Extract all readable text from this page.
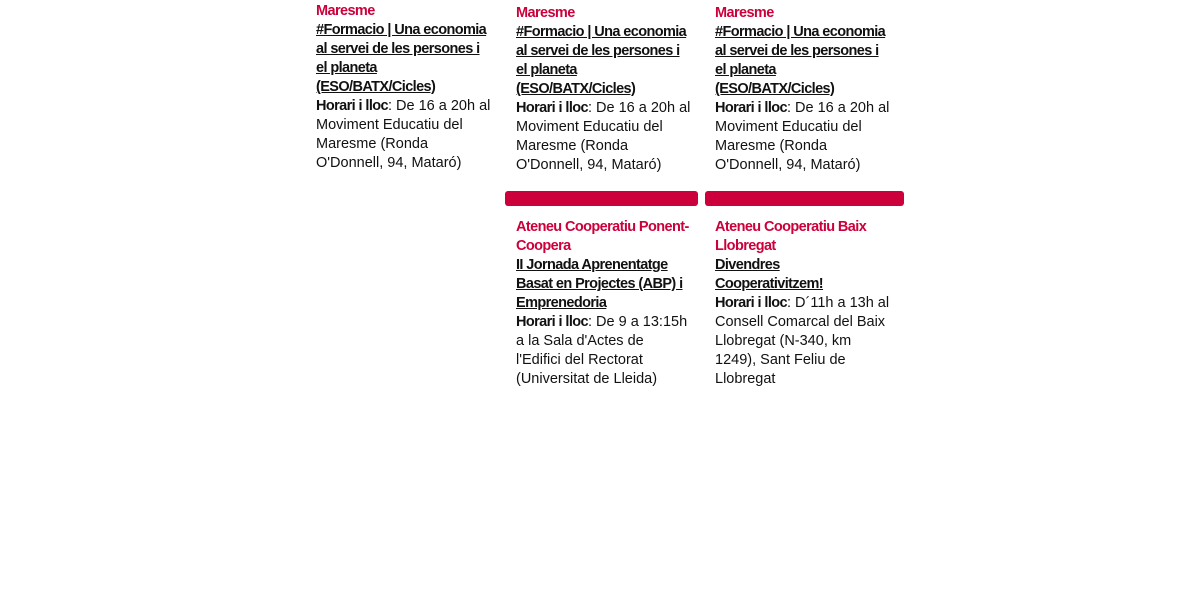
Maresme
#Formacio | Una economia al servei de les persones i el planeta (ESO/BATX/Cicles)
Horari i lloc: De 16 a 20h al Moviment Educatiu del Maresme (Ronda O'Donnell, 94, Mataró)
Maresme
#Formacio | Una economia al servei de les persones i el planeta (ESO/BATX/Cicles)
Horari i lloc: De 16 a 20h al Moviment Educatiu del Maresme (Ronda O'Donnell, 94, Mataró)
Ateneu Cooperatiu Ponent-Coopera
II Jornada Aprenentatge Basat en Projectes (ABP) i Emprenedoria
Horari i lloc: De 9 a 13:15h a la Sala d'Actes de l'Edifici del Rectorat (Universitat de Lleida)
Maresme
#Formacio | Una economia al servei de les persones i el planeta (ESO/BATX/Cicles)
Horari i lloc: De 16 a 20h al Moviment Educatiu del Maresme (Ronda O'Donnell, 94, Mataró)
Ateneu Cooperatiu Baix Llobregat
Divendres Cooperativitzem!
Horari i lloc: D´11h a 13h al Consell Comarcal del Baix Llobregat (N-340, km 1249), Sant Feliu de Llobregat
